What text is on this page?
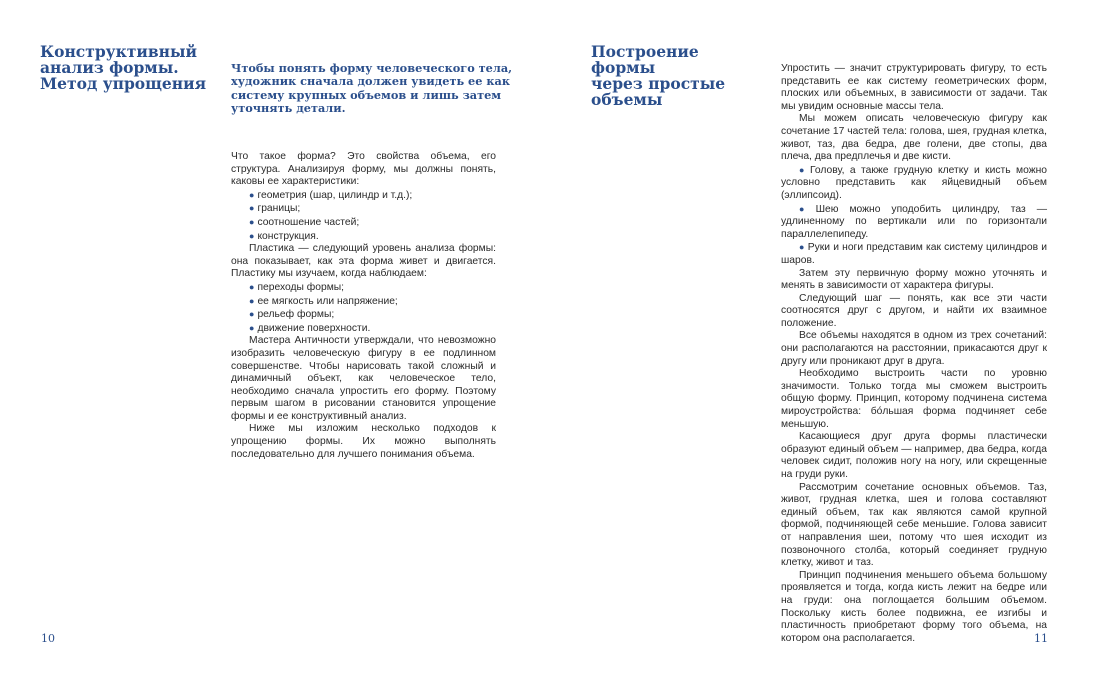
Конструктивный
анализ формы.
Метод упрощения
Чтобы понять форму человеческого тела,
художник сначала должен увидеть ее как
систему крупных объемов и лишь затем
уточнять детали.

Что такое форма? Это свойства объема, его структура. Анализируя форму, мы должны понять, каковы ее характеристики:

● геометрия (шар, цилиндр и т.д.);
● границы;
● соотношение частей;
● конструкция.

Пластика — следующий уровень анализа формы: она показывает, как эта форма живет и двигается. Пластику мы изучаем, когда наблюдаем:

● переходы формы;
● ее мягкость или напряжение;
● рельеф формы;
● движение поверхности.

Мастера Античности утверждали, что невозможно изобразить человеческую фигуру в ее подлинном совершенстве. Чтобы нарисовать такой сложный и динамичный объект, как человеческое тело, необходимо сначала упростить его форму. Поэтому первым шагом в рисовании становится упрощение формы и ее конструктивный анализ.

Ниже мы изложим несколько подходов к упрощению формы. Их можно выполнять последовательно для лучшего понимания объема.

10
Построение формы
через простые
объемы

Упростить — значит структурировать фигуру, то есть представить ее как систему геометрических форм, плоских или объемных, в зависимости от задачи. Так мы увидим основные массы тела.

Мы можем описать человеческую фигуру как сочетание 17 частей тела: голова, шея, грудная клетка, живот, таз, два бедра, две голени, две стопы, два плеча, два предплечья и две кисти.

● Голову, а также грудную клетку и кисть можно условно представить как яйцевидный объем (эллипсоид).

● Шею можно уподобить цилиндру, таз — удлиненному по вертикали или по горизонтали параллелепипеду.

● Руки и ноги представим как систему цилиндров и шаров.

Затем эту первичную форму можно уточнять и менять в зависимости от характера фигуры.

Следующий шаг — понять, как все эти части соотносятся друг с другом, и найти их взаимное положение.

Все объемы находятся в одном из трех сочетаний: они располагаются на расстоянии, прикасаются друг к другу или проникают друг в друга.

Необходимо выстроить части по уровню значимости. Только тогда мы сможем выстроить общую форму. Принцип, которому подчинена система мироустройства: бо́льшая форма подчиняет себе меньшую.

Касающиеся друг друга формы пластически образуют единый объем — например, два бедра, когда человек сидит, положив ногу на ногу, или скрещенные на груди руки.

Рассмотрим сочетание основных объемов. Таз, живот, грудная клетка, шея и голова составляют единый объем, так как являются самой крупной формой, подчиняющей себе меньшие. Голова зависит от направления шеи, потому что шея исходит из позвоночного столба, который соединяет грудную клетку, живот и таз.

Принцип подчинения меньшего объема большому проявляется и тогда, когда кисть лежит на бедре или на груди: она поглощается большим объемом. Поскольку кисть более подвижна, ее изгибы и пластичность приобретают форму того объема, на котором она располагается.	11
